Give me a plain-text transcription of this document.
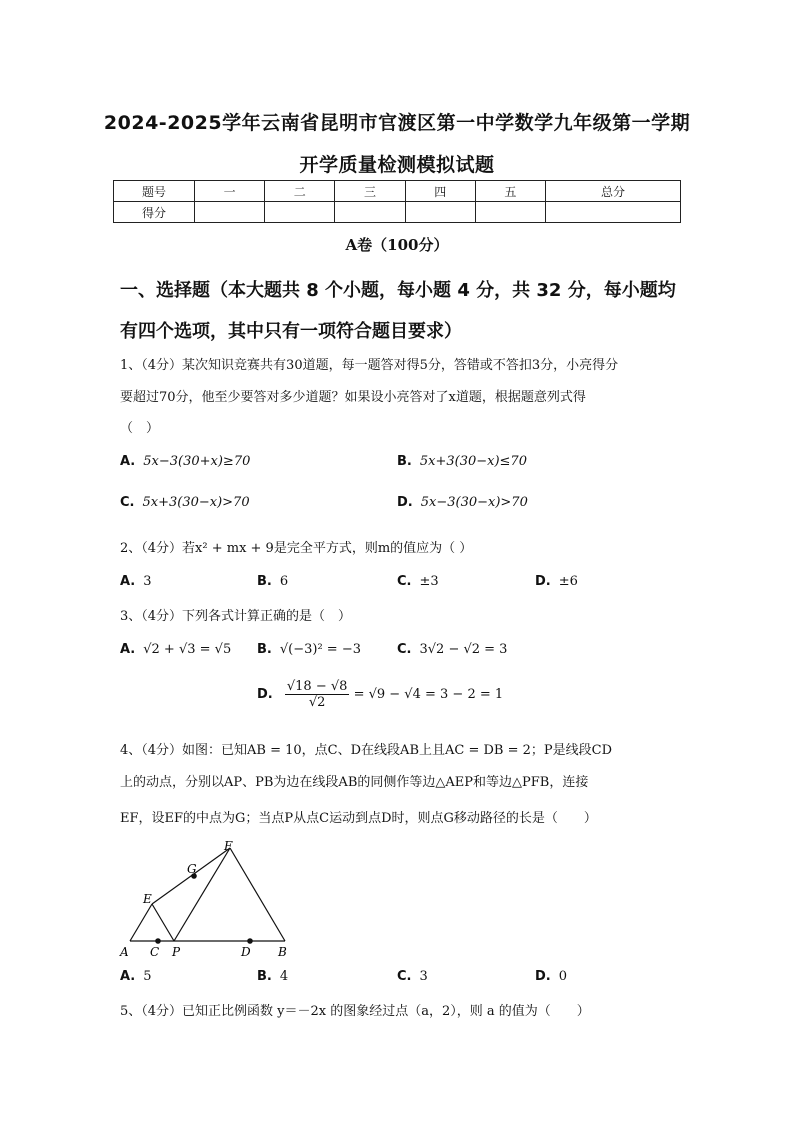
2024-2025学年云南省昆明市官渡区第一中学数学九年级第一学期
开学质量检测模拟试题
题号	一	二	三	四	五	总分
得分						
A卷（100分）
一、选择题（本大题共 8 个小题，每小题 4 分，共 32 分，每小题均
有四个选项，其中只有一项符合题目要求）
1、（4分）某次知识竞赛共有30道题，每一题答对得5分，答错或不答扣3分，小亮得分
要超过70分，他至少要答对多少道题？如果设小亮答对了x道题，根据题意列式得
（　）
A. 5x−3(30+x)≥70	B. 5x+3(30−x)≤70
C. 5x+3(30−x)>70	D. 5x−3(30−x)>70
2、（4分）若x² + mx + 9是完全平方式，则m的值应为（ ）
A. 3	B. 6	C. ±3	D. ±6
3、（4分）下列各式计算正确的是（　）
A. √2 + √3 = √5 B. √(−3)² = −3	C. 3√2 − √2 = 3
D. $\frac{√18 - √8}{√2} = √9 - √4 = 3 - 2 = 1$
4、（4分）如图：已知AB = 10，点C、D在线段AB上且AC = DB = 2；P是线段CD
上的动点，分别以AP、PB为边在线段AB的同侧作等边△AEP和等边△PFB，连接
EF，设EF的中点为G；当点P从点C运动到点D时，则点G移动路径的长是（　　）
A C P	D B
E
G
F
A. 5	B. 4	C. 3	D. 0
5、（4分）已知正比例函数 y＝－2x 的图象经过点（a，2），则 a 的值为（　　）
